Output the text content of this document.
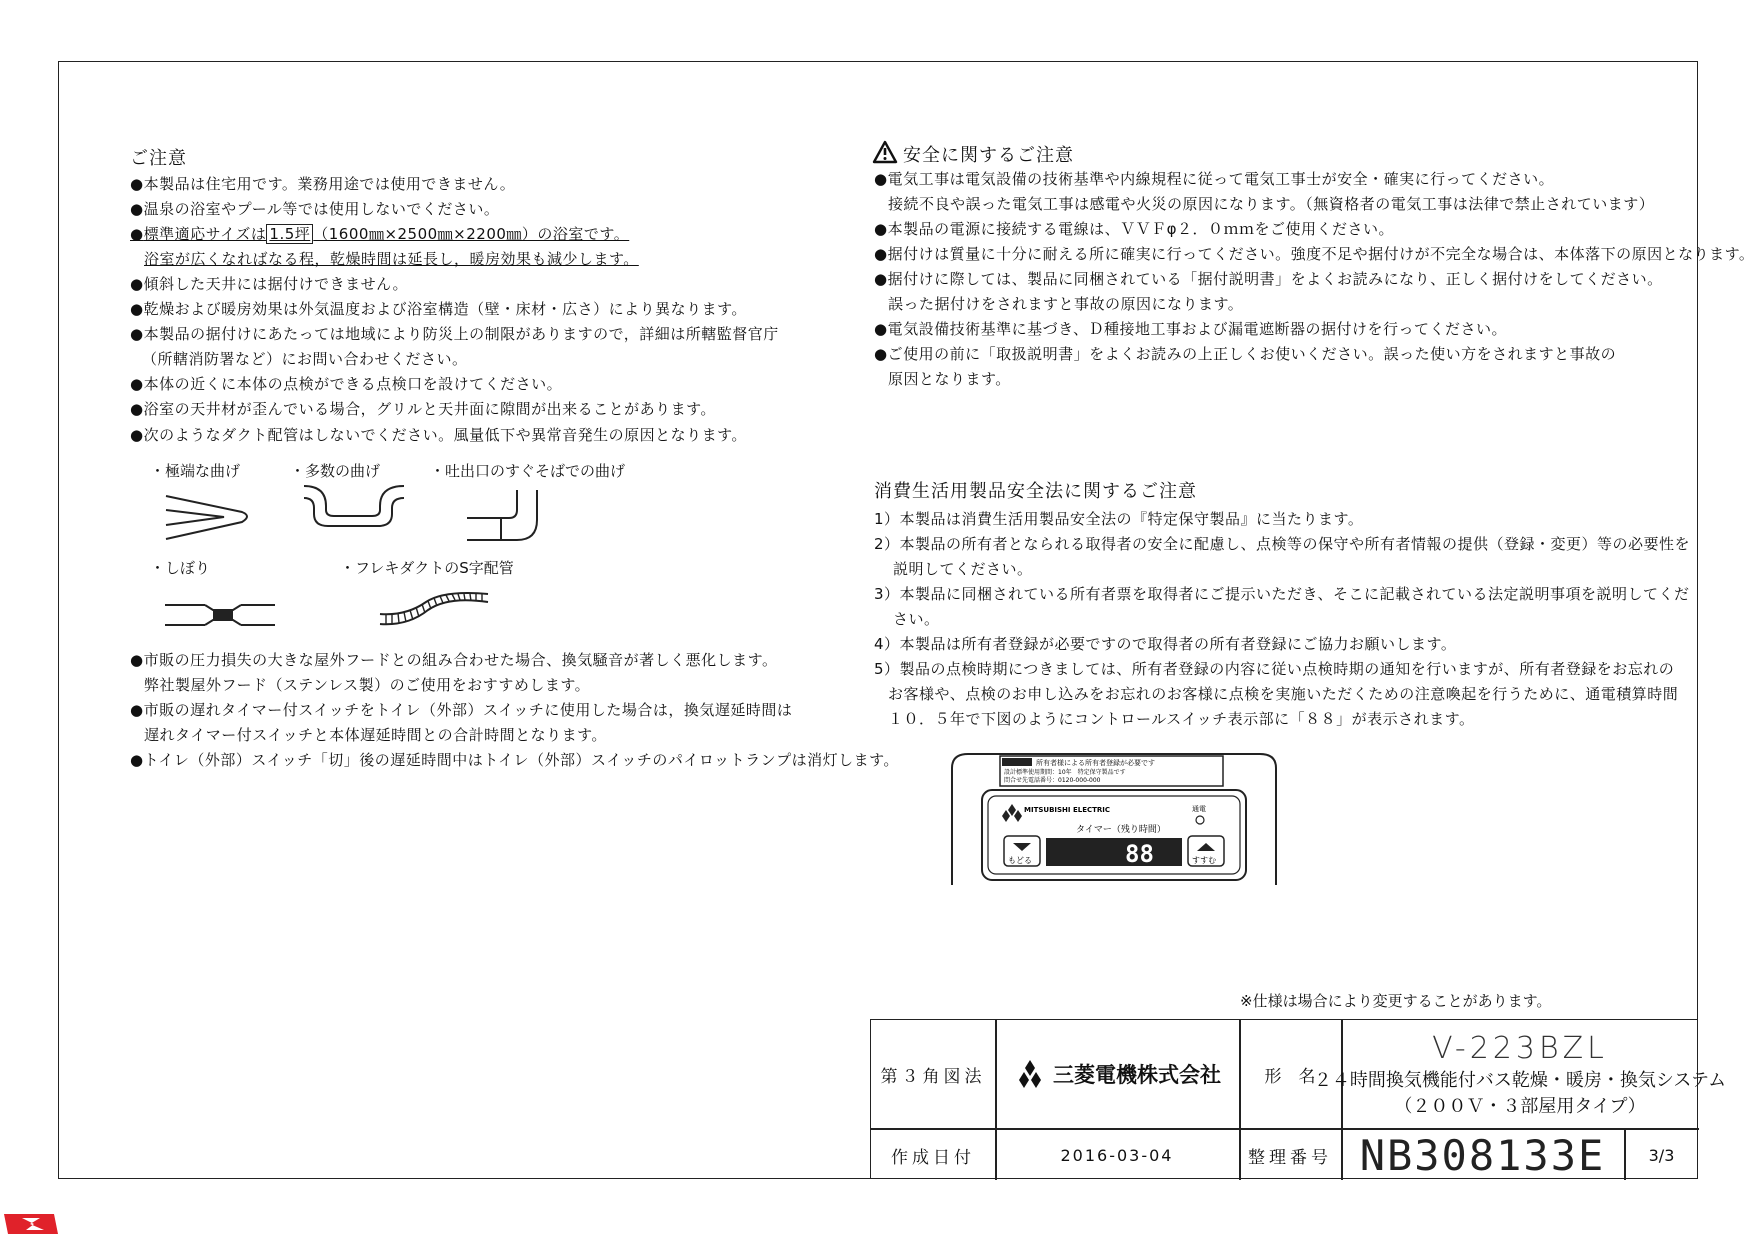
ご注意
●本製品は住宅用です。業務用途では使用できません。
●温泉の浴室やプール等では使用しないでください。
●標準適応サイズは 1.5坪 （1600㎜×2500㎜×2200㎜）の浴室です。
浴室が広くなればなる程，乾燥時間は延長し，暖房効果も減少します。
●傾斜した天井には据付けできません。
●乾燥および暖房効果は外気温度および浴室構造（壁・床材・広さ）により異なります。
●本製品の据付けにあたっては地域により防災上の制限がありますので，詳細は所轄監督官庁
（所轄消防署など）にお問い合わせください。
●本体の近くに本体の点検ができる点検口を設けてください。
●浴室の天井材が歪んでいる場合，グリルと天井面に隙間が出来ることがあります。
●次のようなダクト配管はしないでください。風量低下や異常音発生の原因となります。
・極端な曲げ	・多数の曲げ	・吐出口のすぐそばでの曲げ
・しぼり	・フレキダクトのS字配管
●市販の圧力損失の大きな屋外フードとの組み合わせた場合、換気騒音が著しく悪化します。
弊社製屋外フード（ステンレス製）のご使用をおすすめします。
●市販の遅れタイマー付スイッチをトイレ（外部）スイッチに使用した場合は，換気遅延時間は
遅れタイマー付スイッチと本体遅延時間との合計時間となります。
●トイレ（外部）スイッチ「切」後の遅延時間中はトイレ（外部）スイッチのパイロットランプは消灯します。
安全に関するご注意
●電気工事は電気設備の技術基準や内線規程に従って電気工事士が安全・確実に行ってください。
接続不良や誤った電気工事は感電や火災の原因になります。（無資格者の電気工事は法律で禁止されています）
●本製品の電源に接続する電線は、ＶＶＦφ２．０ｍｍをご使用ください。
●据付けは質量に十分に耐える所に確実に行ってください。強度不足や据付けが不完全な場合は、本体落下の原因となります。
●据付けに際しては、製品に同梱されている「据付説明書」をよくお読みになり、正しく据付けをしてください。
誤った据付けをされますと事故の原因になります。
●電気設備技術基準に基づき、Ｄ種接地工事および漏電遮断器の据付けを行ってください。
●ご使用の前に「取扱説明書」をよくお読みの上正しくお使いください。誤った使い方をされますと事故の
原因となります。
消費生活用製品安全法に関するご注意
1）本製品は消費生活用製品安全法の『特定保守製品』に当たります。
2）本製品の所有者となられる取得者の安全に配慮し、点検等の保守や所有者情報の提供（登録・変更）等の必要性を
説明してください。
3）本製品に同梱されている所有者票を取得者にご提示いただき、そこに記載されている法定説明事項を説明してくだ
さい。
4）本製品は所有者登録が必要ですので取得者の所有者登録にご協力お願いします。
5）製品の点検時期につきましては、所有者登録の内容に従い点検時期の通知を行いますが、所有者登録をお忘れの
お客様や、点検のお申し込みをお忘れのお客様に点検を実施いただくための注意喚起を行うために、通電積算時間
１０．５年で下図のようにコントロールスイッチ表示部に「８８」が表示されます。
所有者様による所有者登録が必要です
設計標準使用期間：10年　特定保守製品です
問合せ先電話番号：0120-000-000
MITSUBISHI ELECTRIC	通電
タイマー（残り時間）
もどる	88	すすむ
※仕様は場合により変更することがあります。
第３角図法	三菱電機株式会社	形　名
V-223BZL
２４時間換気機能付バス乾燥・暖房・換気システム
（２００Ｖ・３部屋用タイプ）
作成日付	2016-03-04	整理番号 NB308133E	3/3
